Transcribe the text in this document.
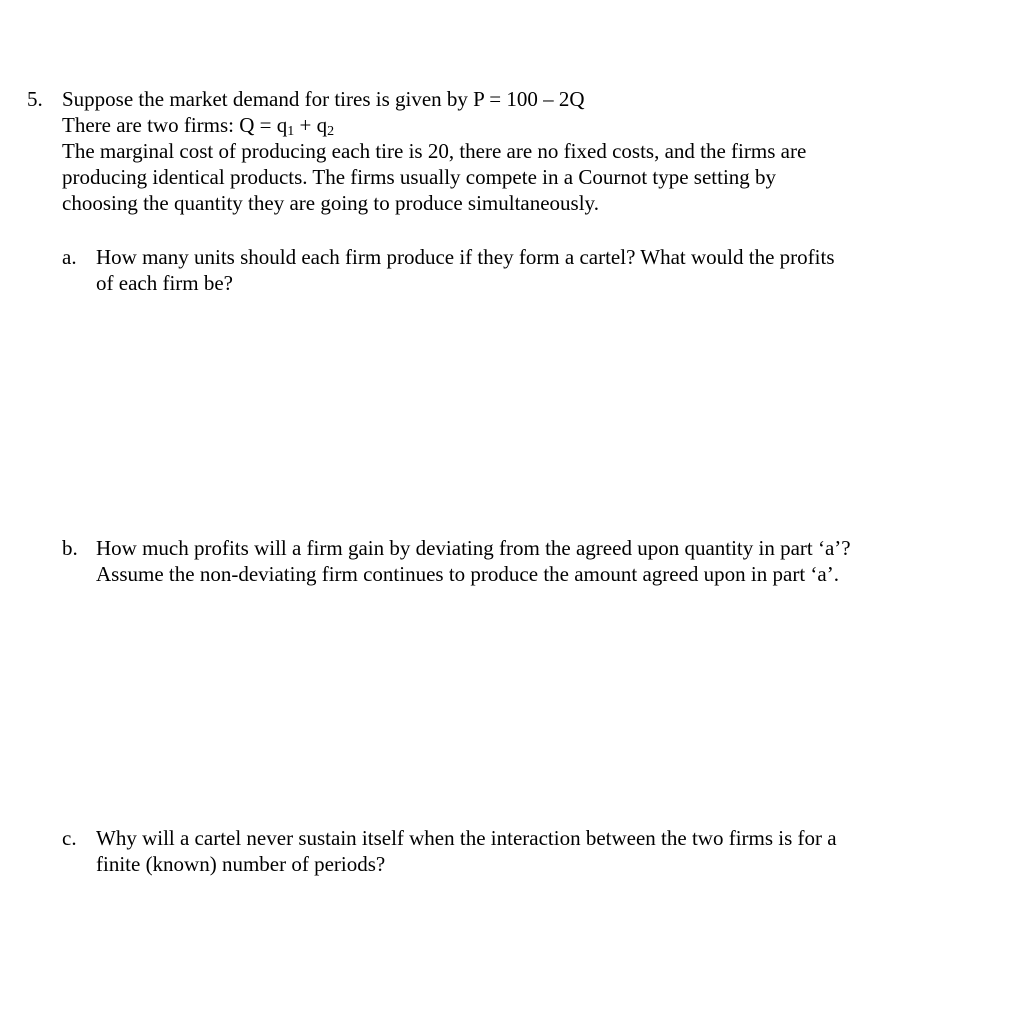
5. Suppose the market demand for tires is given by P = 100 – 2Q
There are two firms: $Q = q_1 + q_2$
The marginal cost of producing each tire is 20, there are no fixed costs, and the firms are
producing identical products. The firms usually compete in a Cournot type setting by
choosing the quantity they are going to produce simultaneously.
a. How many units should each firm produce if they form a cartel? What would the profits
of each firm be?
b. How much profits will a firm gain by deviating from the agreed upon quantity in part ‘a’?
Assume the non-deviating firm continues to produce the amount agreed upon in part ‘a’.
c. Why will a cartel never sustain itself when the interaction between the two firms is for a
finite (known) number of periods?
